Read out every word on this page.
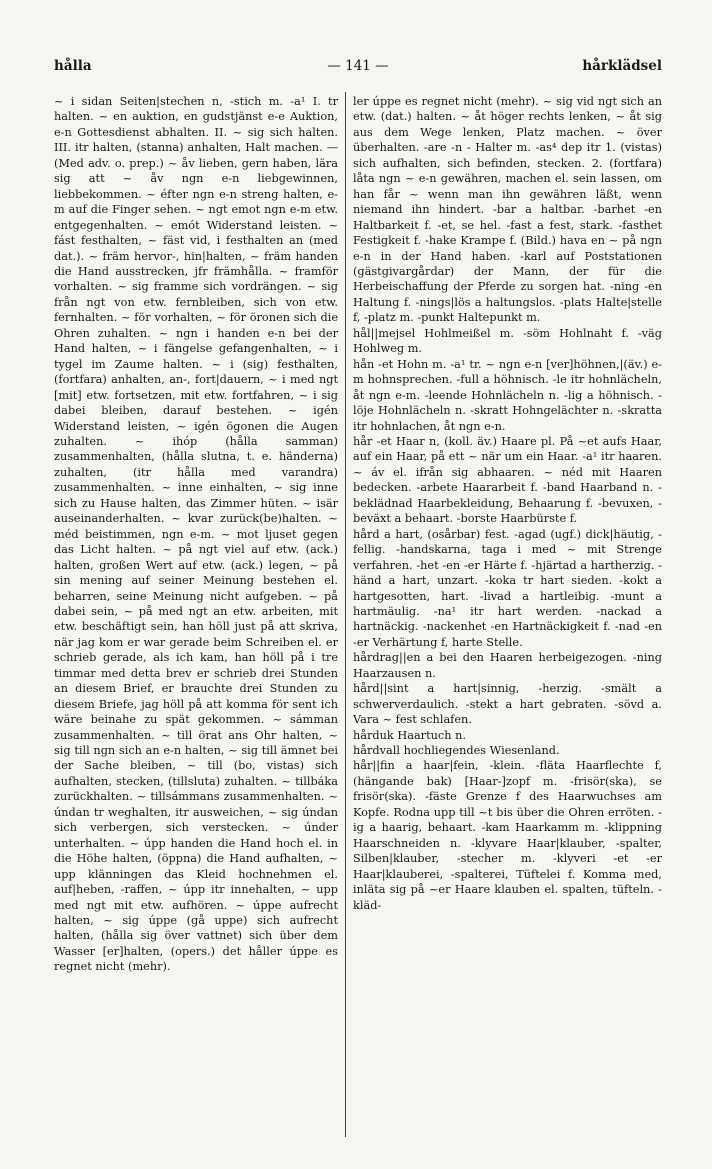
hålla	— 141 —	hårklädsel

~ i sidan Seiten|stechen n, -stich m. -a¹ I. tr halten. ~ en auktion, en gudstjänst e-e Auktion, e-n Gottesdienst abhalten. II. ~ sig sich halten. III. itr halten, (stanna) anhalten, Halt machen. — (Med adv. o. prep.) ~ åv lieben, gern haben, lära sig att ~ åv ngn e-n liebgewinnen, liebbekommen. ~ éfter ngn e-n streng halten, e-m auf die Finger sehen. ~ ngt emot ngn e-m etw. entgegenhalten. ~ emót Widerstand leisten. ~ fást festhalten, ~ fäst vid, i festhalten an (med dat.). ~ främ hervor-, hin|halten, ~ främ handen die Hand ausstrecken, jfr främhålla. ~ framför vorhalten. ~ sig framme sich vordrängen. ~ sig från ngt von etw. fernbleiben, sich von etw. fernhalten. ~ för vorhalten, ~ för öronen sich die Ohren zuhalten. ~ ngn i handen e-n bei der Hand halten, ~ i fängelse gefangenhalten, ~ i tygel im Zaume halten. ~ i (sig) festhalten, (fortfara) anhalten, an-, fort|dauern, ~ i med ngt [mit] etw. fortsetzen, mit etw. fortfahren, ~ i sig dabei bleiben, darauf bestehen. ~ igén Widerstand leisten, ~ igén ögonen die Augen zuhalten. ~ ihóp (hålla samman) zusammenhalten, (hålla slutna, t. e. händerna) zuhalten, (itr hålla med varandra) zusammenhalten. ~ inne einhalten, ~ sig inne sich zu Hause halten, das Zimmer hüten. ~ isär auseinanderhalten. ~ kvar zurück(be)halten. ~ méd beistimmen, ngn e-m. ~ mot ljuset gegen das Licht halten. ~ på ngt viel auf etw. (ack.) halten, großen Wert auf etw. (ack.) legen, ~ på sin mening auf seiner Meinung bestehen el. beharren, seine Meinung nicht aufgeben. ~ på dabei sein, ~ på med ngt an etw. arbeiten, mit etw. beschäftigt sein, han höll just på att skriva, när jag kom er war gerade beim Schreiben el. er schrieb gerade, als ich kam, han höll på i tre timmar med detta brev er schrieb drei Stunden an diesem Brief, er brauchte drei Stunden zu diesem Briefe, jag höll på att komma för sent ich wäre beinahe zu spät gekommen. ~ sámman zusammenhalten. ~ till örat ans Ohr halten, ~ sig till ngn sich an e-n halten, ~ sig till ämnet bei der Sache bleiben, ~ till (bo, vistas) sich aufhalten, stecken, (tillsluta) zuhalten. ~ tillbáka zurückhalten. ~ tillsámmans zusammenhalten. ~ úndan tr weghalten, itr ausweichen, ~ sig úndan sich verbergen, sich verstecken. ~ únder unterhalten. ~ úpp handen die Hand hoch el. in die Höhe halten, (öppna) die Hand aufhalten, ~ upp klänningen das Kleid hochnehmen el. auf|heben, -raffen, ~ úpp itr innehalten, ~ upp med ngt mit etw. aufhören. ~ úppe aufrecht halten, ~ sig úppe (gå uppe) sich aufrecht halten, (hålla sig över vattnet) sich über dem Wasser [er]halten, (opers.) det håller úppe es regnet nicht (mehr).

ler úppe es regnet nicht (mehr). ~ sig vid ngt sich an etw. (dat.) halten. ~ åt höger rechts lenken, ~ åt sig aus dem Wege lenken, Platz machen. ~ över überhalten. -are -n - Halter m. -as⁴ dep itr 1. (vistas) sich aufhalten, sich befinden, stecken. 2. (fortfara) låta ngn ~ e-n gewähren, machen el. sein lassen, om han får ~ wenn man ihn gewähren läßt, wenn niemand ihn hindert. -bar a haltbar. -barhet -en Haltbarkeit f. -et, se hel. -fast a fest, stark. -fasthet Festigkeit f. -hake Krampe f. (Bild.) hava en ~ på ngn e-n in der Hand haben. -karl auf Poststationen (gästgivargårdar) der Mann, der für die Herbeischaffung der Pferde zu sorgen hat. -ning -en Haltung f. -nings|lös a haltungslos. -plats Halte|stelle f, -platz m. -punkt Haltepunkt m.

hål||mejsel Hohlmeißel m. -söm Hohlnaht f. -väg Hohlweg m.

hån -et Hohn m. -a¹ tr. ~ ngn e-n [ver]höhnen,|(äv.) e-m hohnsprechen. -full a höhnisch. -le itr hohnlächeln, åt ngn e-m. -leende Hohnlächeln n. -lig a höhnisch. -löje Hohnlächeln n. -skratt Hohngelächter n. -skratta itr hohnlachen, åt ngn e-n.

hår -et Haar n, (koll. äv.) Haare pl. På ~et aufs Haar, auf ein Haar, på ett ~ när um ein Haar. -a¹ itr haaren. ~ áv el. ifrån sig abhaaren. ~ néd mit Haaren bedecken. -arbete Haararbeit f. -band Haarband n. -beklädnad Haarbekleidung, Behaarung f. -bevuxen, -beväxt a behaart. -borste Haarbürste f.

hård a hart, (osårbar) fest. -agad (ugf.) dick|häutig, -fellig. -handskarna, taga i med ~ mit Strenge verfahren. -het -en -er Härte f. -hjärtad a hartherzig. -händ a hart, unzart. -koka tr hart sieden. -kokt a hartgesotten, hart. -livad a hartleibig. -munt a hartmäulig. -na¹ itr hart werden. -nackad a hartnäckig. -nackenhet -en Hartnäckigkeit f. -nad -en -er Verhärtung f, harte Stelle.

hårdrag||en a bei den Haaren herbeigezogen. -ning Haarzausen n.

hård||sint a hart|sinnig, -herzig. -smält a schwerverdaulich. -stekt a hart gebraten. -sövd a. Vara ~ fest schlafen.

hårduk Haartuch n.

hårdvall hochliegendes Wiesenland.

hår||fin a haar|fein, -klein. -fläta Haarflechte f, (hängande bak) [Haar-]zopf m. -frisör(ska), se frisör(ska). -fäste Grenze f des Haarwuchses am Kopfe. Rodna upp till ~t bis über die Ohren erröten. -ig a haarig, behaart. -kam Haarkamm m. -klippning Haarschneiden n. -klyvare Haar|klauber, -spalter, Silben|klauber, -stecher m. -klyveri -et -er Haar|klauberei, -spalterei, Tüftelei f. Komma med, inläta sig på ~er Haare klauben el. spalten, tüfteln. -kläd-
